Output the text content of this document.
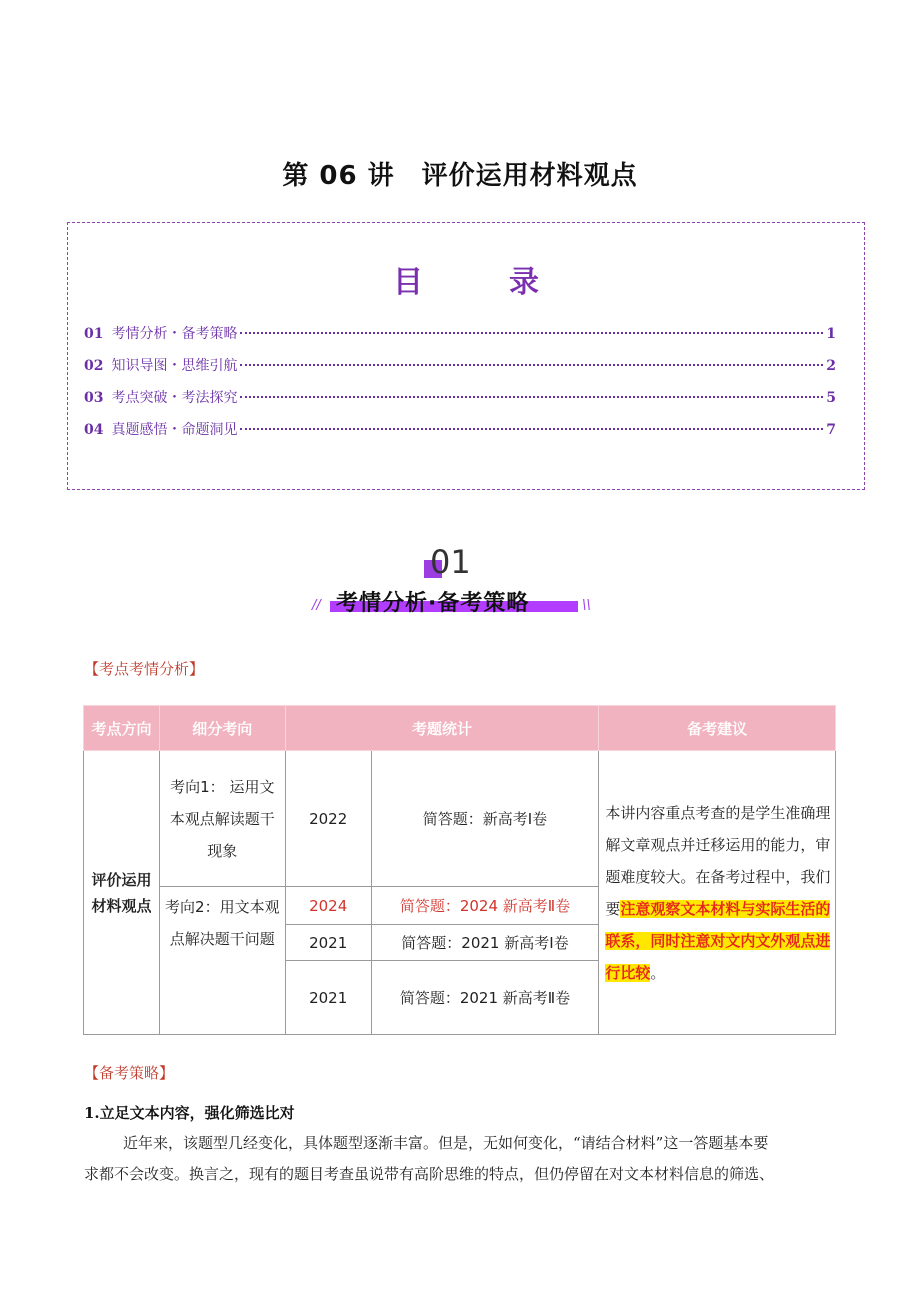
第 06 讲　评价运用材料观点
目　录
01 考情分析・备考策略	1
02 知识导图・思维引航	2
03 考点突破・考法探究	5
04 真题感悟・命题洞见	7
01
// 考情分析·备考策略	\\
【考点考情分析】
考点方向	细分考向	考题统计		备考建议
评价运用材料观点	考向1： 运用文本观点解读题干现象	2022	简答题：新高考Ⅰ卷	本讲内容重点考查的是学生准确理解文章观点并迁移运用的能力，审题难度较大。在备考过程中，我们要注意观察文本材料与实际生活的联系，同时注意对文内文外观点进行比较。
	考向2：用文本观点解决题干问题	2024	简答题：2024 新高考Ⅱ卷	
		2021	简答题：2021 新高考Ⅰ卷	
		2021	简答题：2021 新高考Ⅱ卷	
【备考策略】
1.立足文本内容，强化筛选比对
近年来，该题型几经变化，具体题型逐渐丰富。但是，无如何变化，“请结合材料”这一答题基本要
求都不会改变。换言之，现有的题目考查虽说带有高阶思维的特点，但仍停留在对文本材料信息的筛选、
